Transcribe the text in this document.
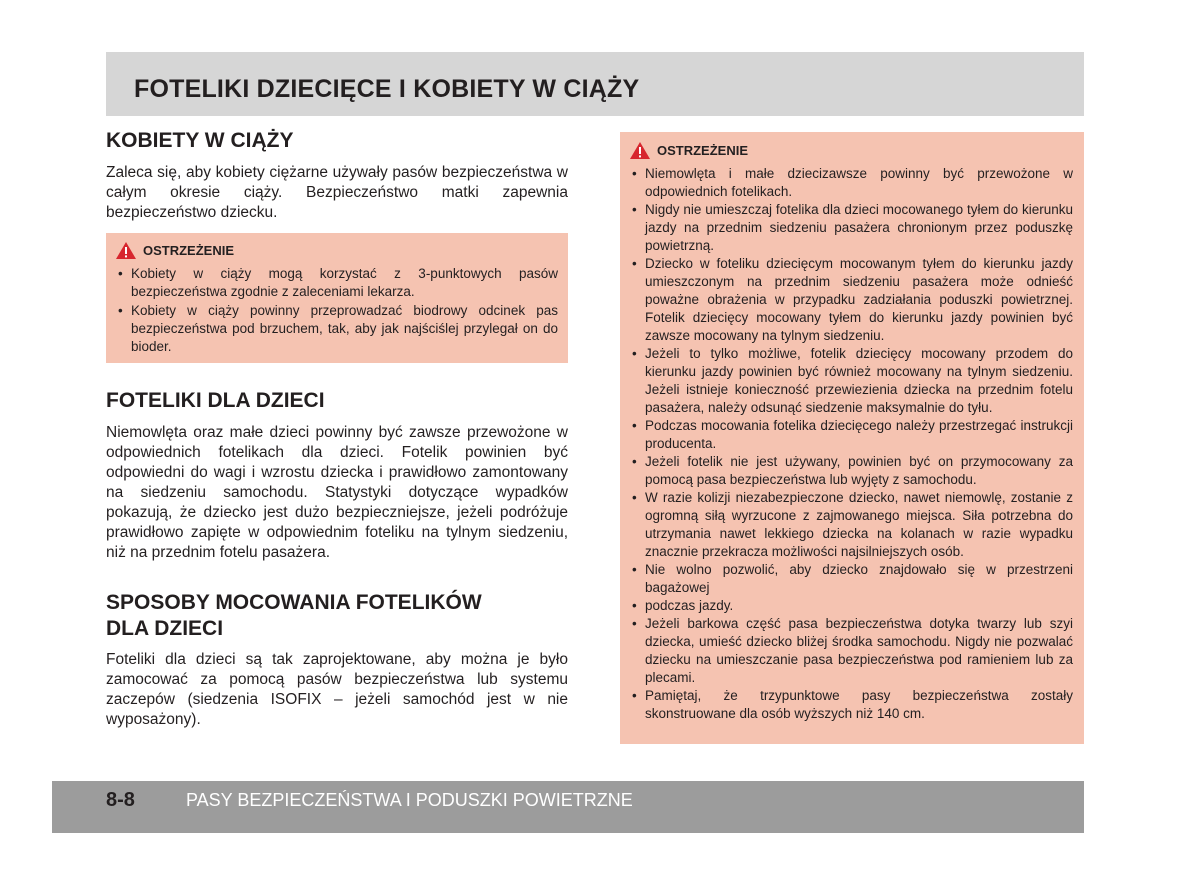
FOTELIKI DZIECIĘCE I KOBIETY W CIĄŻY
KOBIETY W CIĄŻY

Zaleca się, aby kobiety ciężarne używały pasów bezpieczeństwa w całym okresie ciąży. Bezpieczeństwo matki zapewnia bezpieczeństwo dziecku.

OSTRZEŻENIE
• Kobiety w ciąży mogą korzystać z 3-punktowych pasów bezpieczeństwa zgodnie z zaleceniami lekarza.
• Kobiety w ciąży powinny przeprowadzać biodrowy odcinek pas bezpieczeństwa pod brzuchem, tak, aby jak najściślej przylegał on do bioder.
FOTELIKI DLA DZIECI

Niemowlęta oraz małe dzieci powinny być zawsze przewożone w odpowiednich fotelikach dla dzieci. Fotelik powinien być odpowiedni do wagi i wzrostu dziecka i prawidłowo zamontowany na siedzeniu samochodu. Statystyki dotyczące wypadków pokazują, że dziecko jest dużo bezpieczniejsze, jeżeli podróżuje prawidłowo zapięte w odpowiednim foteliku na tylnym siedzeniu, niż na przednim fotelu pasażera.

SPOSOBY MOCOWANIA FOTELIKÓW
DLA DZIECI

Foteliki dla dzieci są tak zaprojektowane, aby można je było zamocować za pomocą pasów bezpieczeństwa lub systemu zaczepów (siedzenia ISOFIX – jeżeli samochód jest w nie wyposażony).

OSTRZEŻENIE
• Niemowlęta i małe dziecizawsze powinny być przewożone w odpowiednich fotelikach.
• Nigdy nie umieszczaj fotelika dla dzieci mocowanego tyłem do kierunku jazdy na przednim siedzeniu pasażera chronionym przez poduszkę powietrzną.
• Dziecko w foteliku dziecięcym mocowanym tyłem do kierunku jazdy umieszczonym na przednim siedzeniu pasażera może odnieść poważne obrażenia w przypadku zadziałania poduszki powietrznej. Fotelik dziecięcy mocowany tyłem do kierunku jazdy powinien być zawsze mocowany na tylnym siedzeniu.
• Jeżeli to tylko możliwe, fotelik dziecięcy mocowany przodem do kierunku jazdy powinien być również mocowany na tylnym siedzeniu. Jeżeli istnieje konieczność przewiezienia dziecka na przednim fotelu pasażera, należy odsunąć siedzenie maksymalnie do tyłu.
• Podczas mocowania fotelika dziecięcego należy przestrzegać instrukcji producenta.
• Jeżeli fotelik nie jest używany, powinien być on przymocowany za pomocą pasa bezpieczeństwa lub wyjęty z samochodu.
• W razie kolizji niezabezpieczone dziecko, nawet niemowlę, zostanie z ogromną siłą wyrzucone z zajmowanego miejsca. Siła potrzebna do utrzymania nawet lekkiego dziecka na kolanach w razie wypadku znacznie przekracza możliwości najsilniejszych osób.
• Nie wolno pozwolić, aby dziecko znajdowało się w przestrzeni bagażowej
• podczas jazdy.
• Jeżeli barkowa część pasa bezpieczeństwa dotyka twarzy lub szyi dziecka, umieść dziecko bliżej środka samochodu. Nigdy nie pozwalać dziecku na umieszczanie pasa bezpieczeństwa pod ramieniem lub za plecami.
• Pamiętaj, że trzypunktowe pasy bezpieczeństwa zostały skonstruowane dla osób wyższych niż 140 cm.
8-8	PASY BEZPIECZEŃSTWA I PODUSZKI POWIETRZNE
